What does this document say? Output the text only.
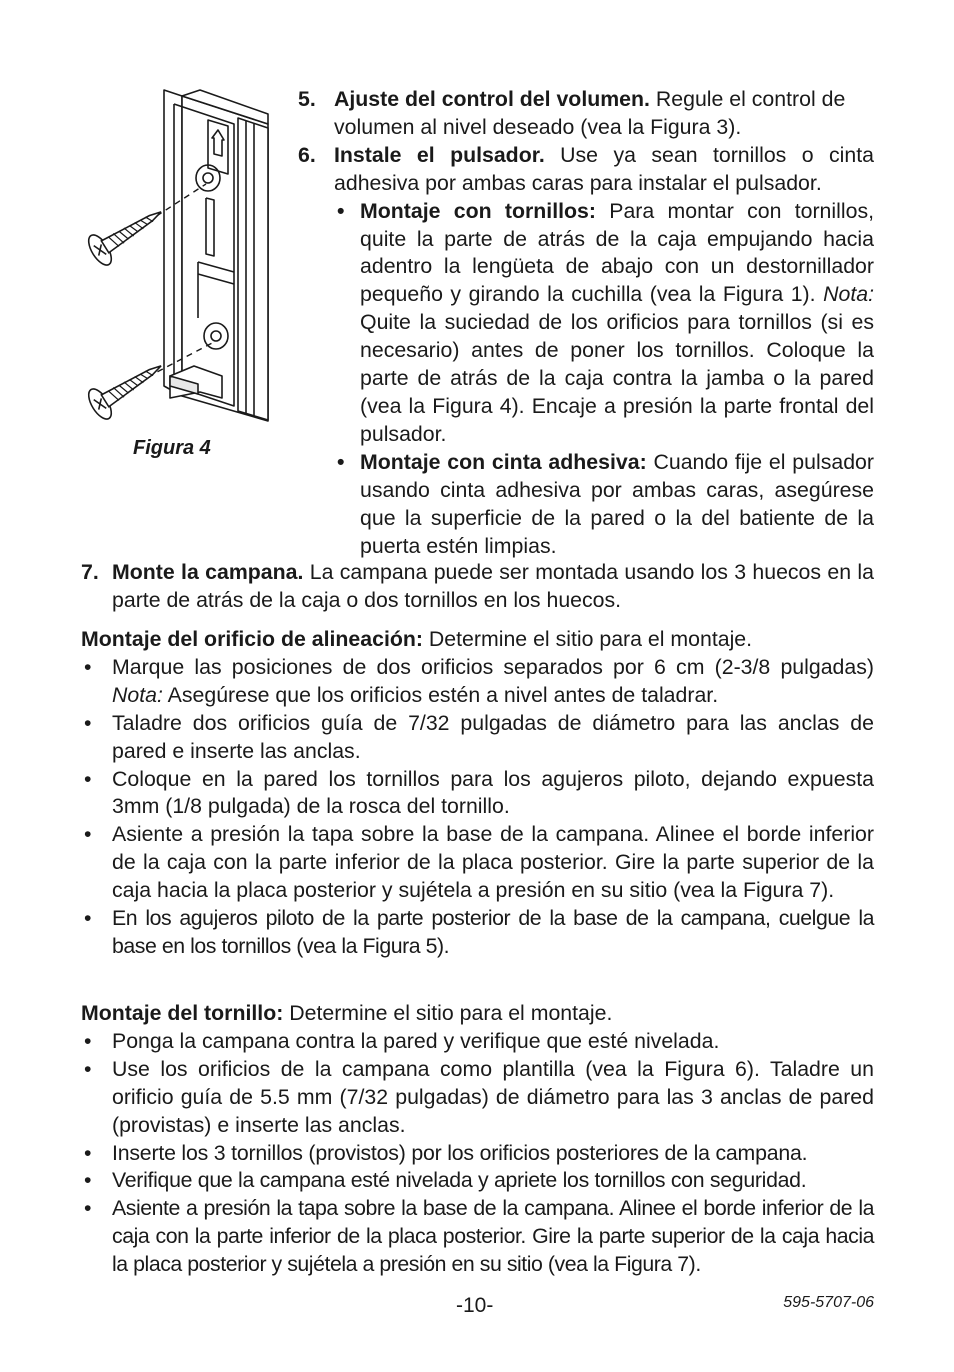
Figura 4
5. Ajuste del control del volumen. Regule el control de volumen al nivel deseado (vea la Figura 3).
6. Instale el pulsador. Use ya sean tornillos o cinta adhesiva por ambas caras para instalar el pulsador.
• Montaje con tornillos: Para montar con tornillos, quite la parte de atrás de la caja empujando hacia adentro la lengüeta de abajo con un destornillador pequeño y girando la cuchilla (vea la Figura 1). Nota: Quite la suciedad de los orificios para tornillos (si es necesario) antes de poner los tornillos. Coloque la parte de atrás de la caja contra la jamba o la pared (vea la Figura 4). Encaje a presión la parte frontal del pulsador.
• Montaje con cinta adhesiva: Cuando fije el pulsador usando cinta adhesiva por ambas caras, asegúrese que la superficie de la pared o la del batiente de la puerta estén limpias.
7. Monte la campana. La campana puede ser montada usando los 3 huecos en la parte de atrás de la caja o dos tornillos en los huecos.
Montaje del orificio de alineación: Determine el sitio para el montaje.
• Marque las posiciones de dos orificios separados por 6 cm (2-3/8 pulgadas) Nota: Asegúrese que los orificios estén a nivel antes de taladrar.
• Taladre dos orificios guía de 7/32 pulgadas de diámetro para las anclas de pared e inserte las anclas.
• Coloque en la pared los tornillos para los agujeros piloto, dejando expuesta 3mm (1/8 pulgada) de la rosca del tornillo.
• Asiente a presión la tapa sobre la base de la campana. Alinee el borde inferior de la caja con la parte inferior de la placa posterior. Gire la parte superior de la caja hacia la placa posterior y sujétela a presión en su sitio (vea la Figura 7).
• En los agujeros piloto de la parte posterior de la base de la campana, cuelgue la base en los tornillos (vea la Figura 5).
Montaje del tornillo: Determine el sitio para el montaje.
• Ponga la campana contra la pared y verifique que esté nivelada.
• Use los orificios de la campana como plantilla (vea la Figura 6). Taladre un orificio guía de 5.5 mm (7/32 pulgadas) de diámetro para las 3 anclas de pared (provistas) e inserte las anclas.
• Inserte los 3 tornillos (provistos) por los orificios posteriores de la campana.
• Verifique que la campana esté nivelada y apriete los tornillos con seguridad.
• Asiente a presión la tapa sobre la base de la campana. Alinee el borde inferior de la caja con la parte inferior de la placa posterior. Gire la parte superior de la caja hacia la placa posterior y sujétela a presión en su sitio (vea la Figura 7).
-10-	595-5707-06
